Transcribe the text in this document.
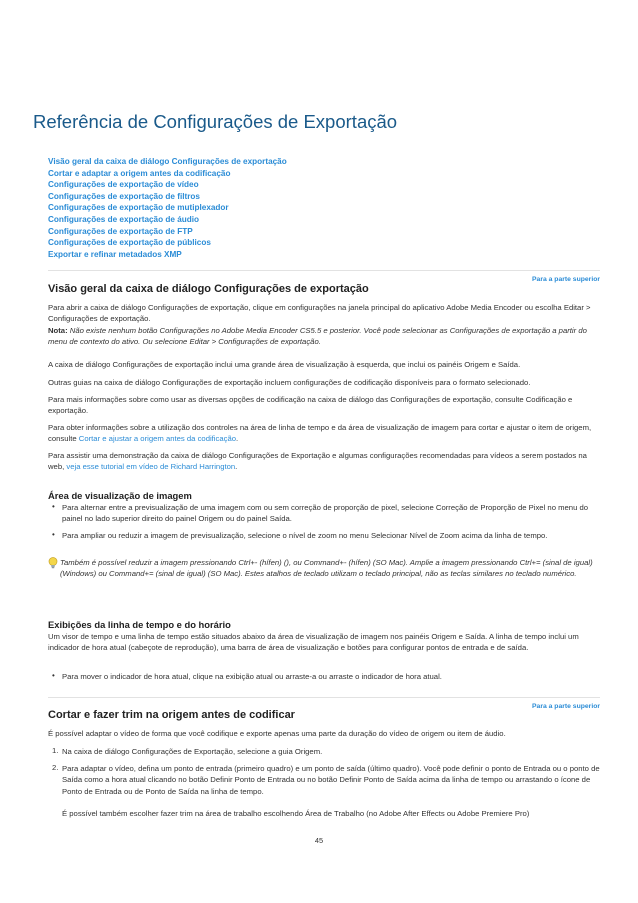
Referência de Configurações de Exportação
Visão geral da caixa de diálogo Configurações de exportação
Cortar e adaptar a origem antes da codificação
Configurações de exportação de vídeo
Configurações de exportação de filtros
Configurações de exportação de mutiplexador
Configurações de exportação de áudio
Configurações de exportação de FTP
Configurações de exportação de públicos
Exportar e refinar metadados XMP
Para a parte superior
Visão geral da caixa de diálogo Configurações de exportação

Para abrir a caixa de diálogo Configurações de exportação, clique em configurações na janela principal do aplicativo Adobe Media Encoder ou escolha Editar > Configurações de exportação.

Nota: Não existe nenhum botão Configurações no Adobe Media Encoder CS5.5 e posterior. Você pode selecionar as Configurações de exportação a partir do menu de contexto do ativo. Ou selecione Editar > Configurações de exportação.

A caixa de diálogo Configurações de exportação inclui uma grande área de visualização à esquerda, que inclui os painéis Origem e Saída.

Outras guias na caixa de diálogo Configurações de exportação incluem configurações de codificação disponíveis para o formato selecionado.

Para mais informações sobre como usar as diversas opções de codificação na caixa de diálogo das Configurações de exportação, consulte Codificação e exportação.

Para obter informações sobre a utilização dos controles na área de linha de tempo e da área de visualização de imagem para cortar e ajustar o item de origem, consulte Cortar e ajustar a origem antes da codificação.

Para assistir uma demonstração da caixa de diálogo Configurações de Exportação e algumas configurações recomendadas para vídeos a serem postados na web, veja esse tutorial em vídeo de Richard Harrington.

Área de visualização de imagem
• Para alternar entre a previsualização de uma imagem com ou sem correção de proporção de pixel, selecione Correção de Proporção de Pixel no menu do painel no lado superior direito do painel Origem ou do painel Saída.

• Para ampliar ou reduzir a imagem de previsualização, selecione o nível de zoom no menu Selecionar Nível de Zoom acima da linha de tempo.

Também é possível reduzir a imagem pressionando Ctrl+- (hífen) (), ou Command+- (hífen) (SO Mac). Amplie a imagem pressionando Ctrl+= (sinal de igual) (Windows) ou Command+= (sinal de igual) (SO Mac). Estes atalhos de teclado utilizam o teclado principal, não as teclas similares no teclado numérico.

Exibições da linha de tempo e do horário

Um visor de tempo e uma linha de tempo estão situados abaixo da área de visualização de imagem nos painéis Origem e Saída. A linha de tempo inclui um indicador de hora atual (cabeçote de reprodução), uma barra de área de visualização e botões para configurar pontos de entrada e de saída.

• Para mover o indicador de hora atual, clique na exibição atual ou arraste-a ou arraste o indicador de hora atual.

Para a parte superior
Cortar e fazer trim na origem antes de codificar

É possível adaptar o vídeo de forma que você codifique e exporte apenas uma parte da duração do vídeo de origem ou item de áudio.

1. Na caixa de diálogo Configurações de Exportação, selecione a guia Origem.

2. Para adaptar o vídeo, defina um ponto de entrada (primeiro quadro) e um ponto de saída (último quadro). Você pode definir o ponto de Entrada ou o ponto de Saída como a hora atual clicando no botão Definir Ponto de Entrada ou no botão Definir Ponto de Saída acima da linha de tempo ou arrastando o ícone de Ponto de Entrada ou de Ponto de Saída na linha de tempo.

É possível também escolher fazer trim na área de trabalho escolhendo Área de Trabalho (no Adobe After Effects ou Adobe Premiere Pro)

45
